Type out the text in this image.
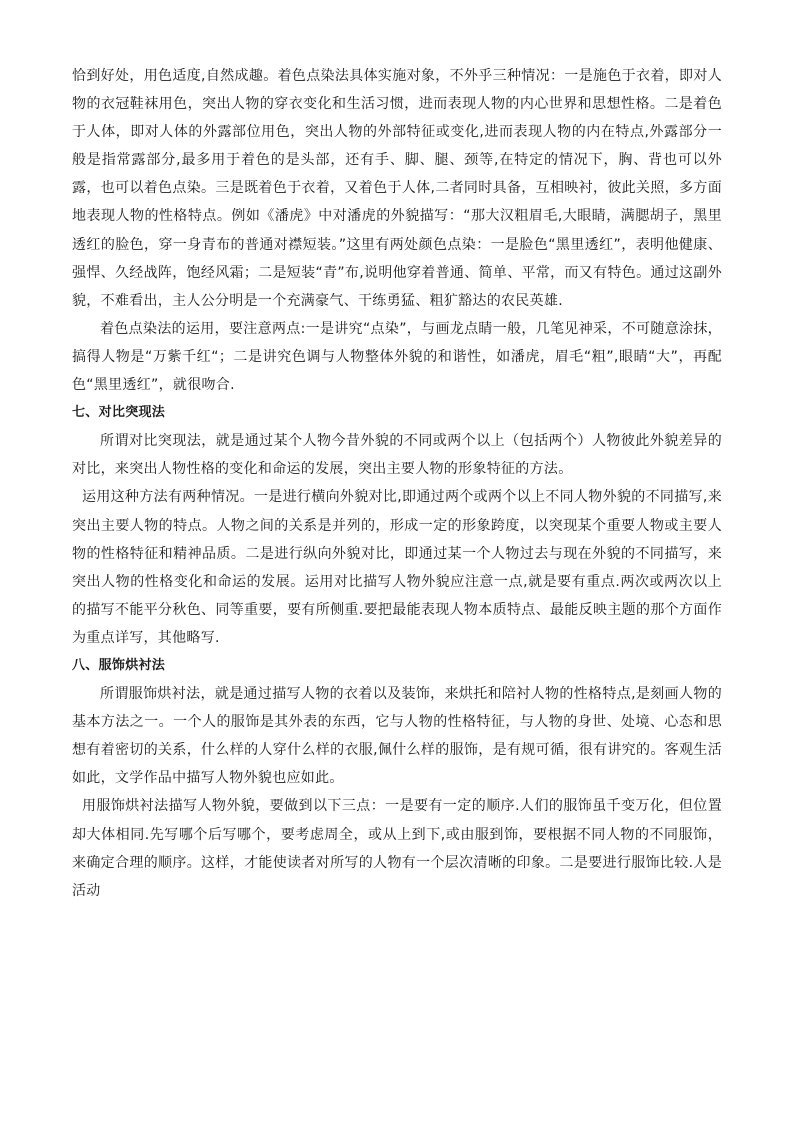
恰到好处，用色适度,自然成趣。着色点染法具体实施对象，不外乎三种情况：一是施色于衣着，即对人物的衣冠鞋袜用色，突出人物的穿衣变化和生活习惯，进而表现人物的内心世界和思想性格。二是着色于人体，即对人体的外露部位用色，突出人物的外部特征或变化,进而表现人物的内在特点,外露部分一般是指常露部分,最多用于着色的是头部，还有手、脚、腿、颈等,在特定的情况下，胸、背也可以外露，也可以着色点染。三是既着色于衣着，又着色于人体,二者同时具备，互相映衬，彼此关照，多方面地表现人物的性格特点。例如《潘虎》中对潘虎的外貌描写：“那大汉粗眉毛,大眼睛，满腮胡子，黑里透红的脸色，穿一身青布的普通对襟短装。”这里有两处颜色点染：一是脸色“黑里透红”，表明他健康、强悍、久经战阵，饱经风霜；二是短装“青”布,说明他穿着普通、简单、平常，而又有特色。通过这副外貌，不难看出，主人公分明是一个充满豪气、干练勇猛、粗犷豁达的农民英雄.

着色点染法的运用，要注意两点:一是讲究“点染”，与画龙点睛一般，几笔见神采，不可随意涂抹，搞得人物是“万紫千红“；二是讲究色调与人物整体外貌的和谐性，如潘虎，眉毛“粗”,眼睛“大”，再配色“黑里透红”，就很吻合.

七、对比突现法

所谓对比突现法，就是通过某个人物今昔外貌的不同或两个以上（包括两个）人物彼此外貌差异的对比，来突出人物性格的变化和命运的发展，突出主要人物的形象特征的方法。

运用这种方法有两种情况。一是进行横向外貌对比,即通过两个或两个以上不同人物外貌的不同描写,来突出主要人物的特点。人物之间的关系是并列的，形成一定的形象跨度，以突现某个重要人物或主要人物的性格特征和精神品质。二是进行纵向外貌对比，即通过某一个人物过去与现在外貌的不同描写，来突出人物的性格变化和命运的发展。运用对比描写人物外貌应注意一点,就是要有重点.两次或两次以上的描写不能平分秋色、同等重要，要有所侧重.要把最能表现人物本质特点、最能反映主题的那个方面作为重点详写，其他略写.

八、服饰烘衬法

所谓服饰烘衬法，就是通过描写人物的衣着以及装饰，来烘托和陪衬人物的性格特点,是刻画人物的基本方法之一。一个人的服饰是其外表的东西，它与人物的性格特征，与人物的身世、处境、心态和思想有着密切的关系，什么样的人穿什么样的衣服,佩什么样的服饰，是有规可循，很有讲究的。客观生活如此，文学作品中描写人物外貌也应如此。

用服饰烘衬法描写人物外貌，要做到以下三点：一是要有一定的顺序.人们的服饰虽千变万化，但位置却大体相同.先写哪个后写哪个，要考虑周全，或从上到下,或由服到饰，要根据不同人物的不同服饰，来确定合理的顺序。这样，才能使读者对所写的人物有一个层次清晰的印象。二是要进行服饰比较.人是活动
